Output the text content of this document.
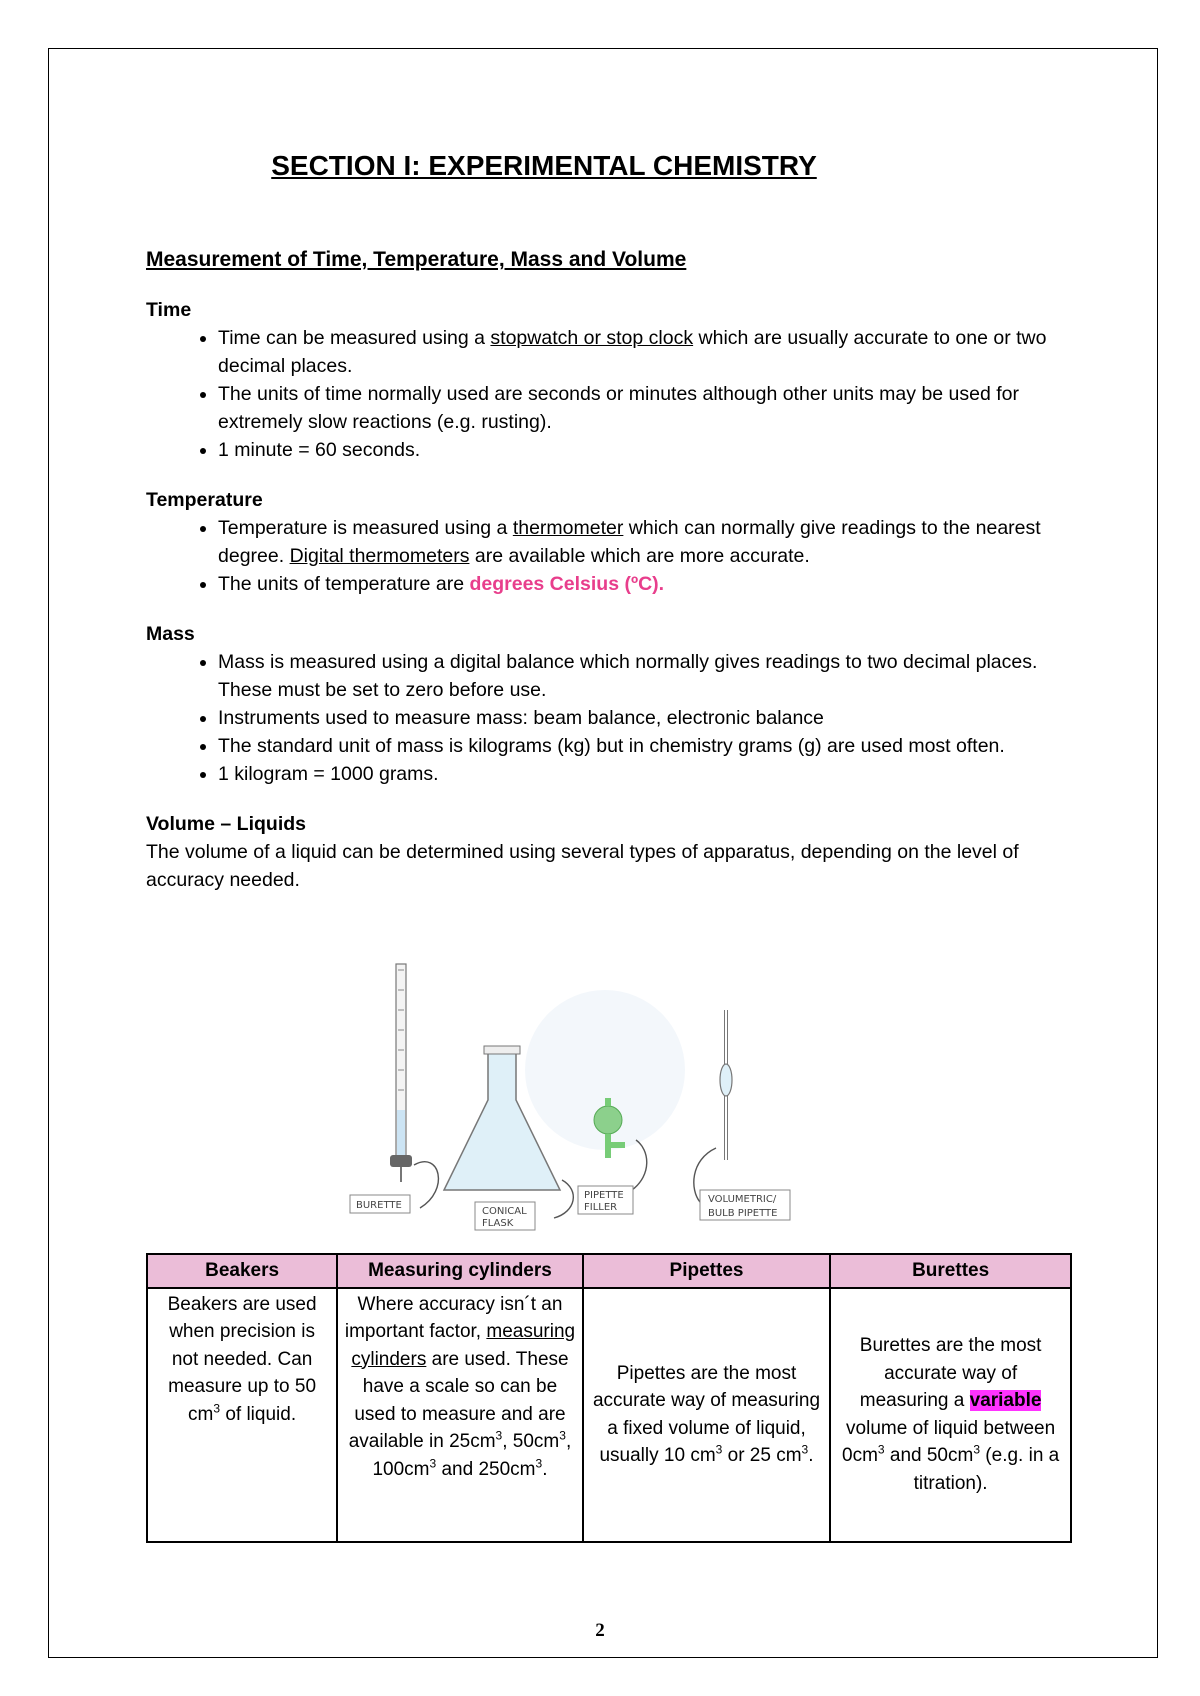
SECTION I: EXPERIMENTAL CHEMISTRY
Measurement of Time, Temperature, Mass and Volume

Time

• Time can be measured using a stopwatch or stop clock which are usually accurate to one or two decimal places.
• The units of time normally used are seconds or minutes although other units may be used for extremely slow reactions (e.g. rusting).
• 1 minute = 60 seconds.

Temperature

• Temperature is measured using a thermometer which can normally give readings to the nearest degree. Digital thermometers are available which are more accurate.
• The units of temperature are degrees Celsius (ºC).

Mass

• Mass is measured using a digital balance which normally gives readings to two decimal places. These must be set to zero before use.
• Instruments used to measure mass: beam balance, electronic balance
• The standard unit of mass is kilograms (kg) but in chemistry grams (g) are used most often.
• 1 kilogram = 1000 grams.

Volume – Liquids

The volume of a liquid can be determined using several types of apparatus, depending on the level of accuracy needed.

BURETTE
CONICAL
FLASK
PIPETTE
FILLER
VOLUMETRIC/
BULB PIPETTE
Beakers	Measuring cylinders	Pipettes	Burettes
Beakers are used when precision is not needed. Can measure up to 50 $cm^3$ of liquid.	Where accuracy isn´t an important factor, measuring cylinders are used. These have a scale so can be used to measure and are available in $25cm^3$, $50cm^3$, $100cm^3$ and $250cm^3$.	Pipettes are the most accurate way of measuring a fixed volume of liquid, usually 10 $cm^3$ or 25 $cm^3$.	Burettes are the most accurate way of measuring a variable volume of liquid between $0cm^3$ and $50cm^3$ (e.g. in a titration).
2
